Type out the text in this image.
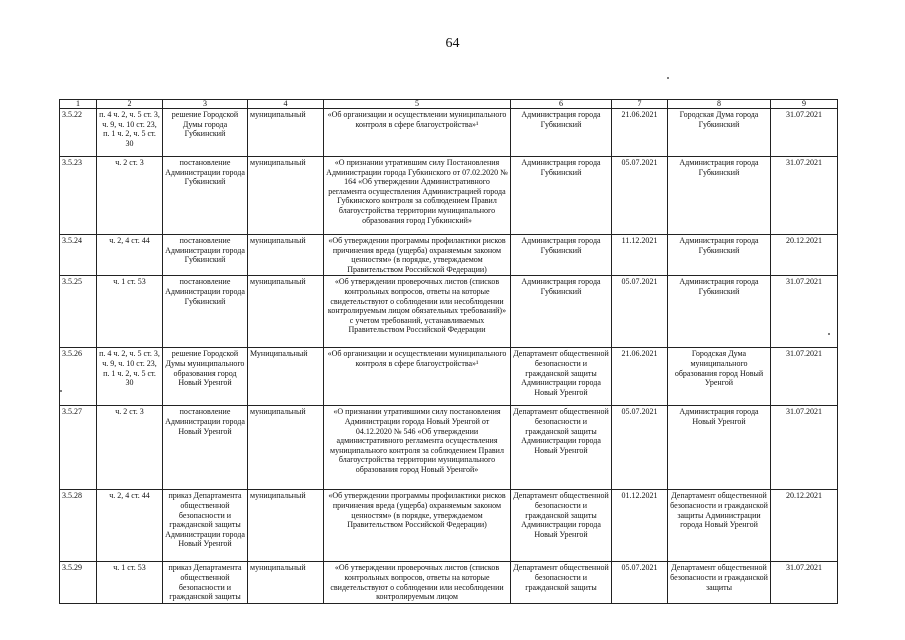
64
1	2	3	4	5	6	7	8	9
3.5.22	п. 4 ч. 2, ч. 5 ст. 3, ч. 9, ч. 10 ст. 23, п. 1 ч. 2, ч. 5 ст. 30	решение Городской Думы города Губкинский	муниципальный	«Об организации и осуществлении муниципального контроля в сфере благоустройства»¹	Администрация города Губкинский	21.06.2021	Городская Дума города Губкинский	31.07.2021
3.5.23	ч. 2 ст. 3	постановление Администрации города Губкинский	муниципальный	«О признании утратившим силу Постановления Администрации города Губкинского от 07.02.2020 № 164 «Об утверждении Административного регламента осуществления Администрацией города Губкинского контроля за соблюдением Правил благоустройства территории муниципального образования город Губкинский»	Администрация города Губкинский	05.07.2021	Администрация города Губкинский	31.07.2021
3.5.24	ч. 2, 4 ст. 44	постановление Администрации города Губкинский	муниципальный	«Об утверждении программы профилактики рисков причинения вреда (ущерба) охраняемым законом ценностям» (в порядке, утверждаемом Правительством Российской Федерации)	Администрация города Губкинский	11.12.2021	Администрация города Губкинский	20.12.2021
3.5.25	ч. 1 ст. 53	постановление Администрации города Губкинский	муниципальный	«Об утверждении проверочных листов (списков контрольных вопросов, ответы на которые свидетельствуют о соблюдении или несоблюдении контролируемым лицом обязательных требований)» с учетом требований, устанавливаемых Правительством Российской Федерации	Администрация города Губкинский	05.07.2021	Администрация города Губкинский	31.07.2021
3.5.26	п. 4 ч. 2, ч. 5 ст. 3, ч. 9, ч. 10 ст. 23, п. 1 ч. 2, ч. 5 ст. 30	решение Городской Думы муниципального образования город Новый Уренгой	Муниципальный	«Об организации и осуществлении муниципального контроля в сфере благоустройства»¹	Департамент общественной безопасности и гражданской защиты Администрации города Новый Уренгой	21.06.2021	Городская Дума муниципального образования город Новый Уренгой	31.07.2021
3.5.27	ч. 2 ст. 3	постановление Администрации города Новый Уренгой	муниципальный	«О признании утратившими силу постановления Администрации города Новый Уренгой от 04.12.2020 № 546 «Об утверждении административного регламента осуществления муниципального контроля за соблюдением Правил благоустройства территории муниципального образования город Новый Уренгой»	Департамент общественной безопасности и гражданской защиты Администрации города Новый Уренгой	05.07.2021	Администрация города Новый Уренгой	31.07.2021
3.5.28	ч. 2, 4 ст. 44	приказ Департамента общественной безопасности и гражданской защиты Администрации города Новый Уренгой	муниципальный	«Об утверждении программы профилактики рисков причинения вреда (ущерба) охраняемым законом ценностям» (в порядке, утверждаемом Правительством Российской Федерации)	Департамент общественной безопасности и гражданской защиты Администрации города Новый Уренгой	01.12.2021	Департамент общественной безопасности и гражданской защиты Администрации города Новый Уренгой	20.12.2021
3.5.29	ч. 1 ст. 53	приказ Департамента общественной безопасности и гражданской защиты	муниципальный	«Об утверждении проверочных листов (списков контрольных вопросов, ответы на которые свидетельствуют о соблюдении или несоблюдении контролируемым лицом	Департамент общественной безопасности и гражданской защиты	05.07.2021	Департамент общественной безопасности и гражданской защиты	31.07.2021
